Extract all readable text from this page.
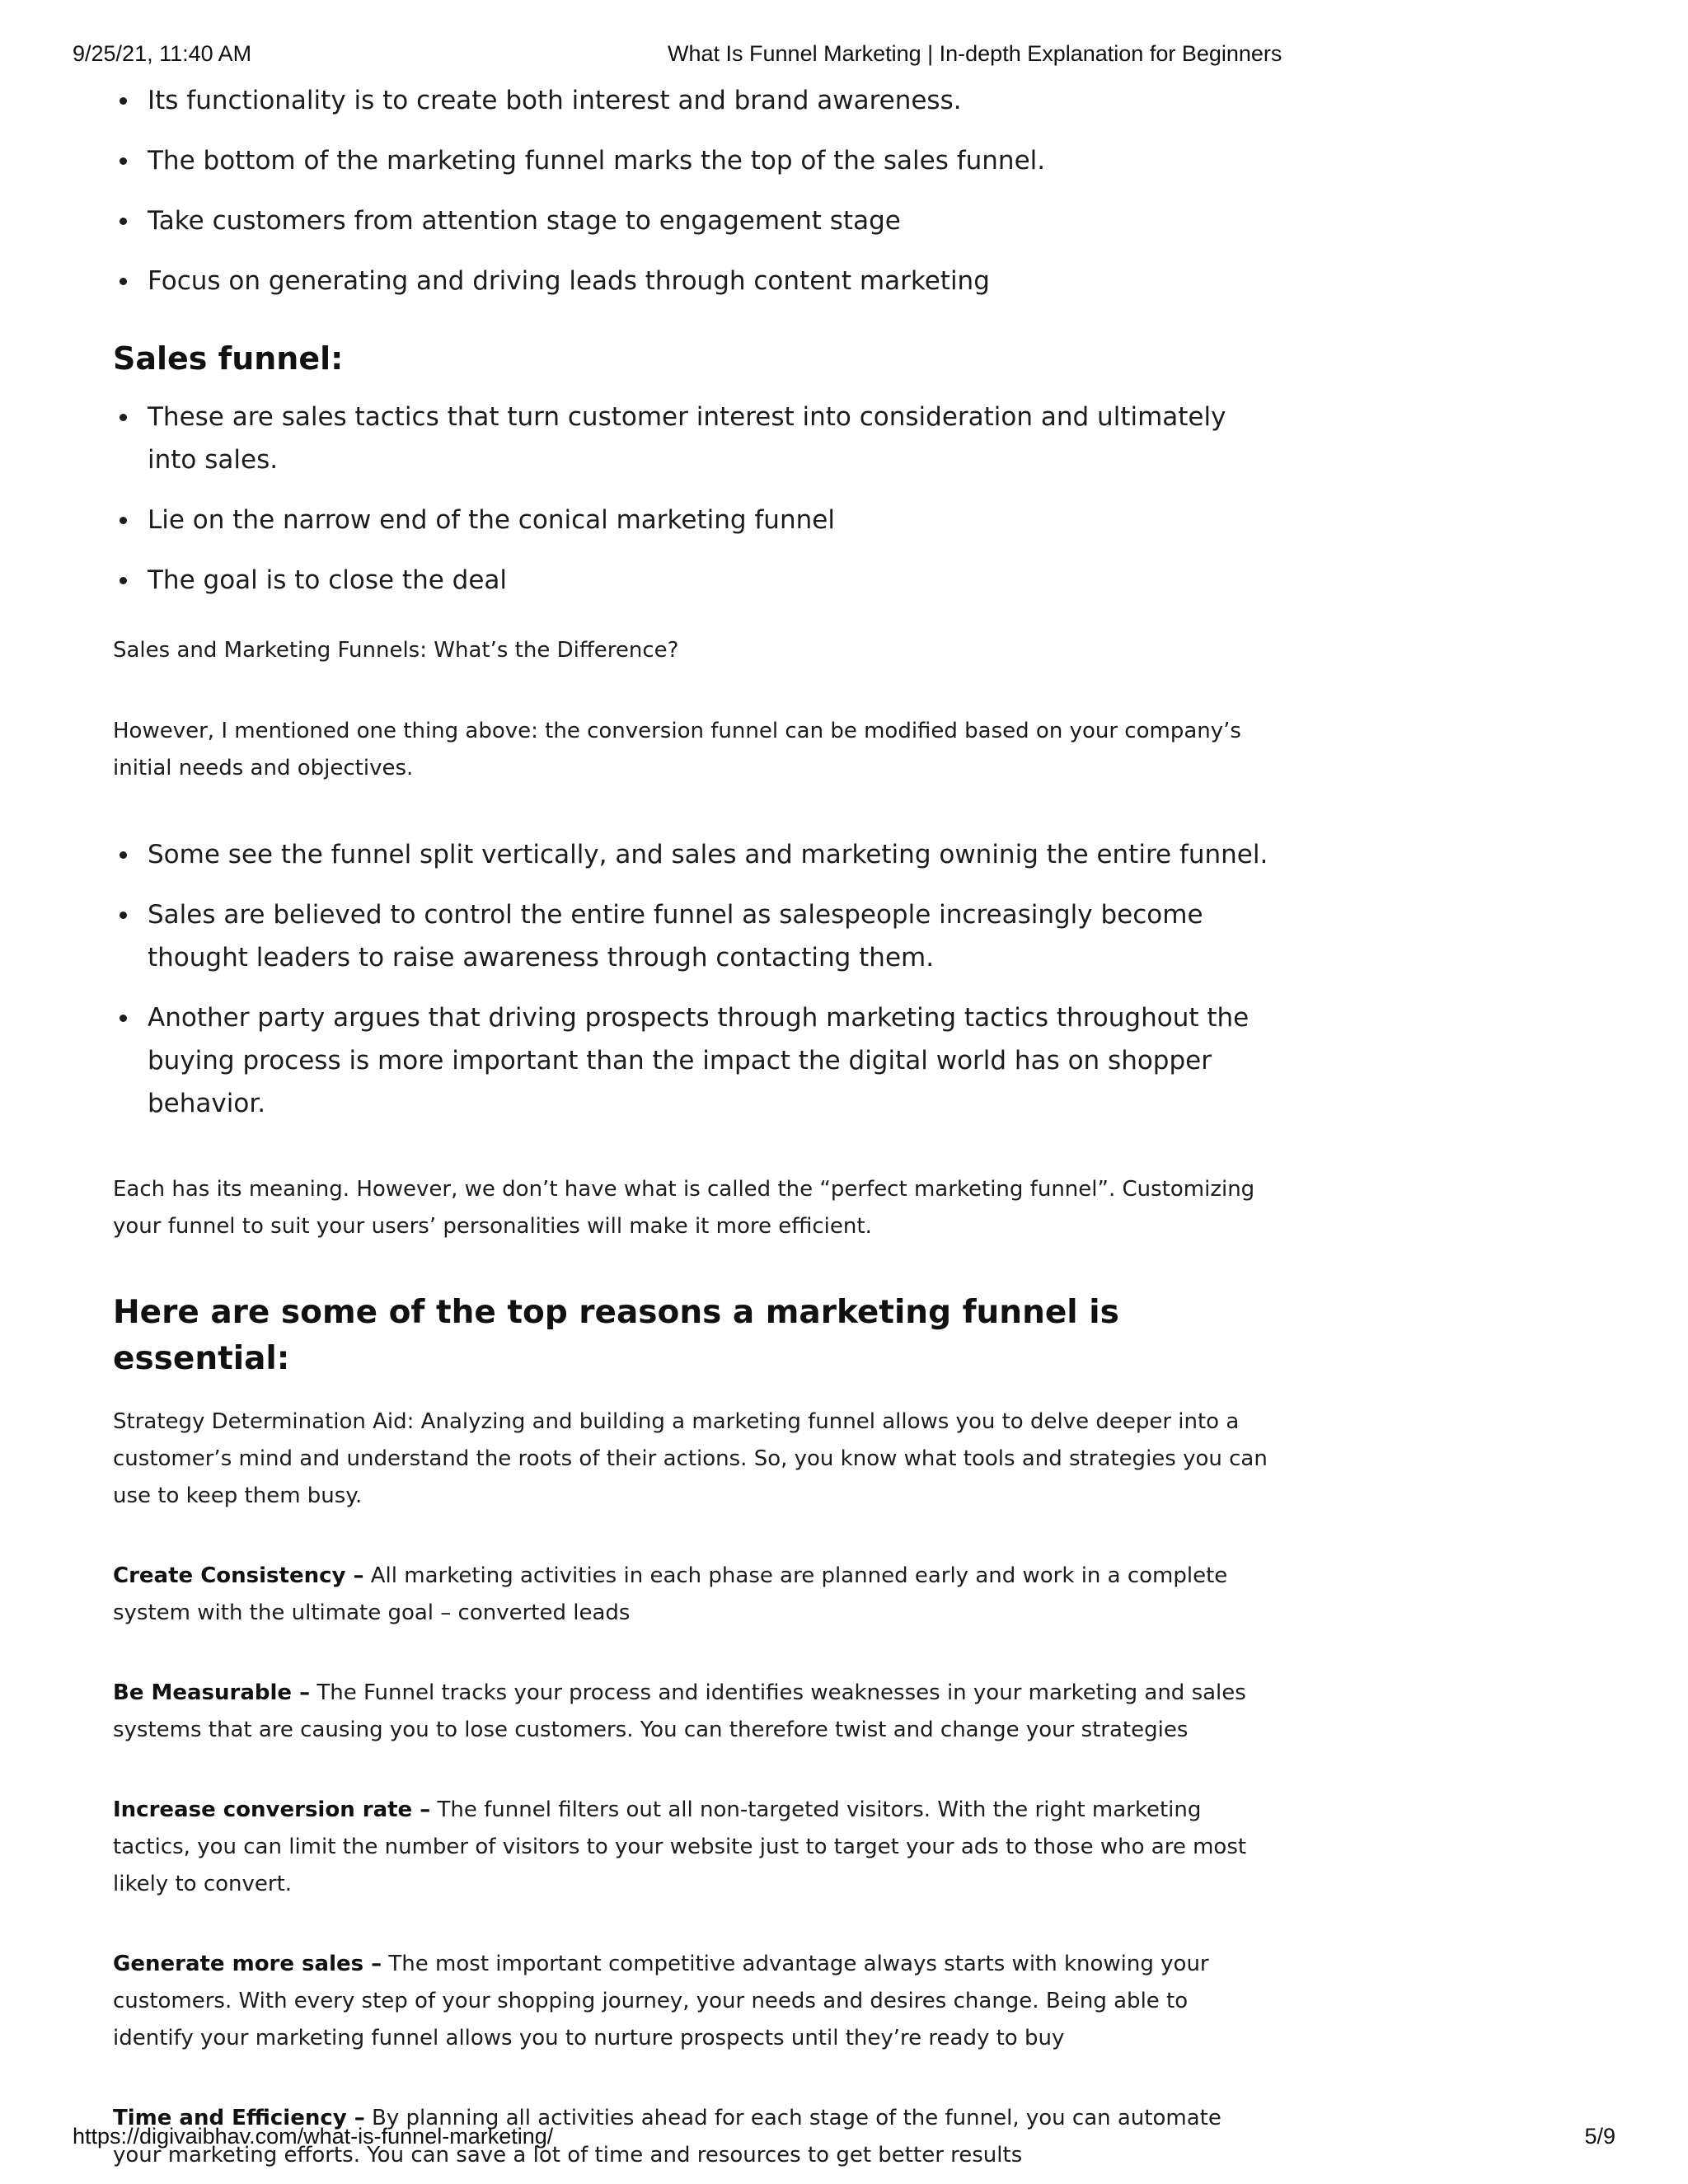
9/25/21, 11:40 AM	What Is Funnel Marketing | In-depth Explanation for Beginners
Its functionality is to create both interest and brand awareness.
The bottom of the marketing funnel marks the top of the sales funnel.
Take customers from attention stage to engagement stage
Focus on generating and driving leads through content marketing
Sales funnel:
These are sales tactics that turn customer interest into consideration and ultimately into sales.
Lie on the narrow end of the conical marketing funnel
The goal is to close the deal

Sales and Marketing Funnels: What’s the Difference?

However, I mentioned one thing above: the conversion funnel can be modified based on your company’s initial needs and objectives.

Some see the funnel split vertically, and sales and marketing owninig the entire funnel.
Sales are believed to control the entire funnel as salespeople increasingly become thought leaders to raise awareness through contacting them.
Another party argues that driving prospects through marketing tactics throughout the buying process is more important than the impact the digital world has on shopper behavior.

Each has its meaning. However, we don’t have what is called the “perfect marketing funnel”. Customizing your funnel to suit your users’ personalities will make it more efficient.

Here are some of the top reasons a marketing funnel is essential:

Strategy Determination Aid: Analyzing and building a marketing funnel allows you to delve deeper into a customer’s mind and understand the roots of their actions. So, you know what tools and strategies you can use to keep them busy.

Create Consistency – All marketing activities in each phase are planned early and work in a complete system with the ultimate goal – converted leads

Be Measurable – The Funnel tracks your process and identifies weaknesses in your marketing and sales systems that are causing you to lose customers. You can therefore twist and change your strategies

Increase conversion rate – The funnel filters out all non-targeted visitors. With the right marketing tactics, you can limit the number of visitors to your website just to target your ads to those who are most likely to convert.

Generate more sales – The most important competitive advantage always starts with knowing your customers. With every step of your shopping journey, your needs and desires change. Being able to identify your marketing funnel allows you to nurture prospects until they’re ready to buy

Time and Efficiency – By planning all activities ahead for each stage of the funnel, you can automate your marketing efforts. You can save a lot of time and resources to get better results

https://digivaibhav.com/what-is-funnel-marketing/	5/9
